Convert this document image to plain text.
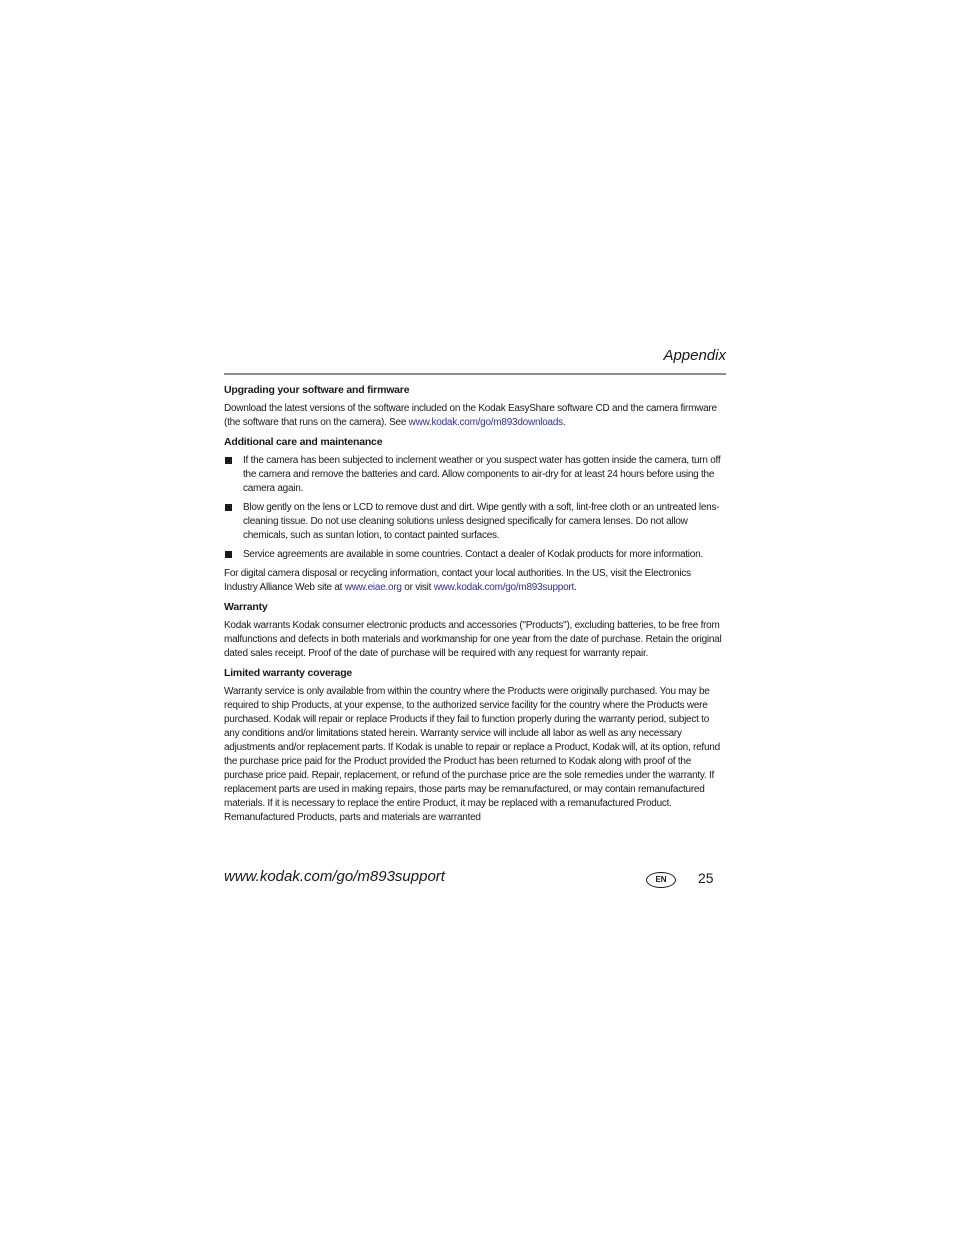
Appendix
Upgrading your software and firmware

Download the latest versions of the software included on the Kodak EasyShare software CD and the camera firmware (the software that runs on the camera). See www.kodak.com/go/m893downloads.

Additional care and maintenance
If the camera has been subjected to inclement weather or you suspect water has gotten inside the camera, turn off the camera and remove the batteries and card. Allow components to air-dry for at least 24 hours before using the camera again.
Blow gently on the lens or LCD to remove dust and dirt. Wipe gently with a soft, lint-free cloth or an untreated lens-cleaning tissue. Do not use cleaning solutions unless designed specifically for camera lenses. Do not allow chemicals, such as suntan lotion, to contact painted surfaces.
Service agreements are available in some countries. Contact a dealer of Kodak products for more information.

For digital camera disposal or recycling information, contact your local authorities. In the US, visit the Electronics Industry Alliance Web site at www.eiae.org or visit www.kodak.com/go/m893support.

Warranty

Kodak warrants Kodak consumer electronic products and accessories ("Products"), excluding batteries, to be free from malfunctions and defects in both materials and workmanship for one year from the date of purchase. Retain the original dated sales receipt. Proof of the date of purchase will be required with any request for warranty repair.

Limited warranty coverage

Warranty service is only available from within the country where the Products were originally purchased. You may be required to ship Products, at your expense, to the authorized service facility for the country where the Products were purchased. Kodak will repair or replace Products if they fail to function properly during the warranty period, subject to any conditions and/or limitations stated herein. Warranty service will include all labor as well as any necessary adjustments and/or replacement parts. If Kodak is unable to repair or replace a Product, Kodak will, at its option, refund the purchase price paid for the Product provided the Product has been returned to Kodak along with proof of the purchase price paid. Repair, replacement, or refund of the purchase price are the sole remedies under the warranty. If replacement parts are used in making repairs, those parts may be remanufactured, or may contain remanufactured materials. If it is necessary to replace the entire Product, it may be replaced with a remanufactured Product. Remanufactured Products, parts and materials are warranted

www.kodak.com/go/m893support	EN	25
